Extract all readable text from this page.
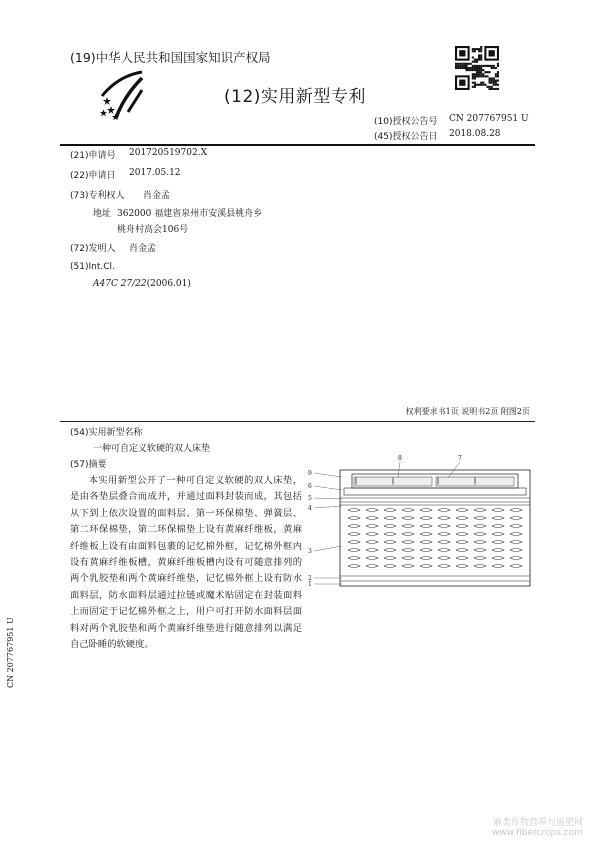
(19)中华人民共和国国家知识产权局
(12)实用新型专利
(10)授权公告号 CN 207767951 U
(45)授权公告日 2018.08.28
(21)申请号 201720519702.X
(22)申请日 2017.05.12
(73)专利权人 肖金孟
地址 362000 福建省泉州市安溪县桃舟乡
桃舟村高会106号
(72)发明人 肖金孟
(51)Int.Cl.
A47C 27/22(2006.01)
权利要求书1页 说明书2页 附图2页
(54)实用新型名称
一种可自定义软硬的双人床垫
(57)摘要
本实用新型公开了一种可自定义软硬的双人床垫，是由各垫层叠合而成并，并通过面料封装而成，其包括从下到上依次设置的面料层、第一环保棉垫、弹簧层、第二环保棉垫，第二环保棉垫上设有黄麻纤维板，黄麻纤维板上设有由面料包裹的记忆棉外框，记忆棉外框内设有黄麻纤维板槽，黄麻纤维板槽内设有可随意排列的两个乳胶垫和两个黄麻纤维垫，记忆棉外框上设有防水面料层，防水面料层通过拉链或魔术贴固定在封装面料上而固定于记忆棉外框之上，用户可打开防水面料层面料对两个乳胶垫和两个黄麻纤维垫进行随意排列以满足自己卧睡的软硬度。
9
6
5
4
3
2
1
8	7
CN 207767951 U
麻类作物营养与施肥网
www.fibercrops.com
